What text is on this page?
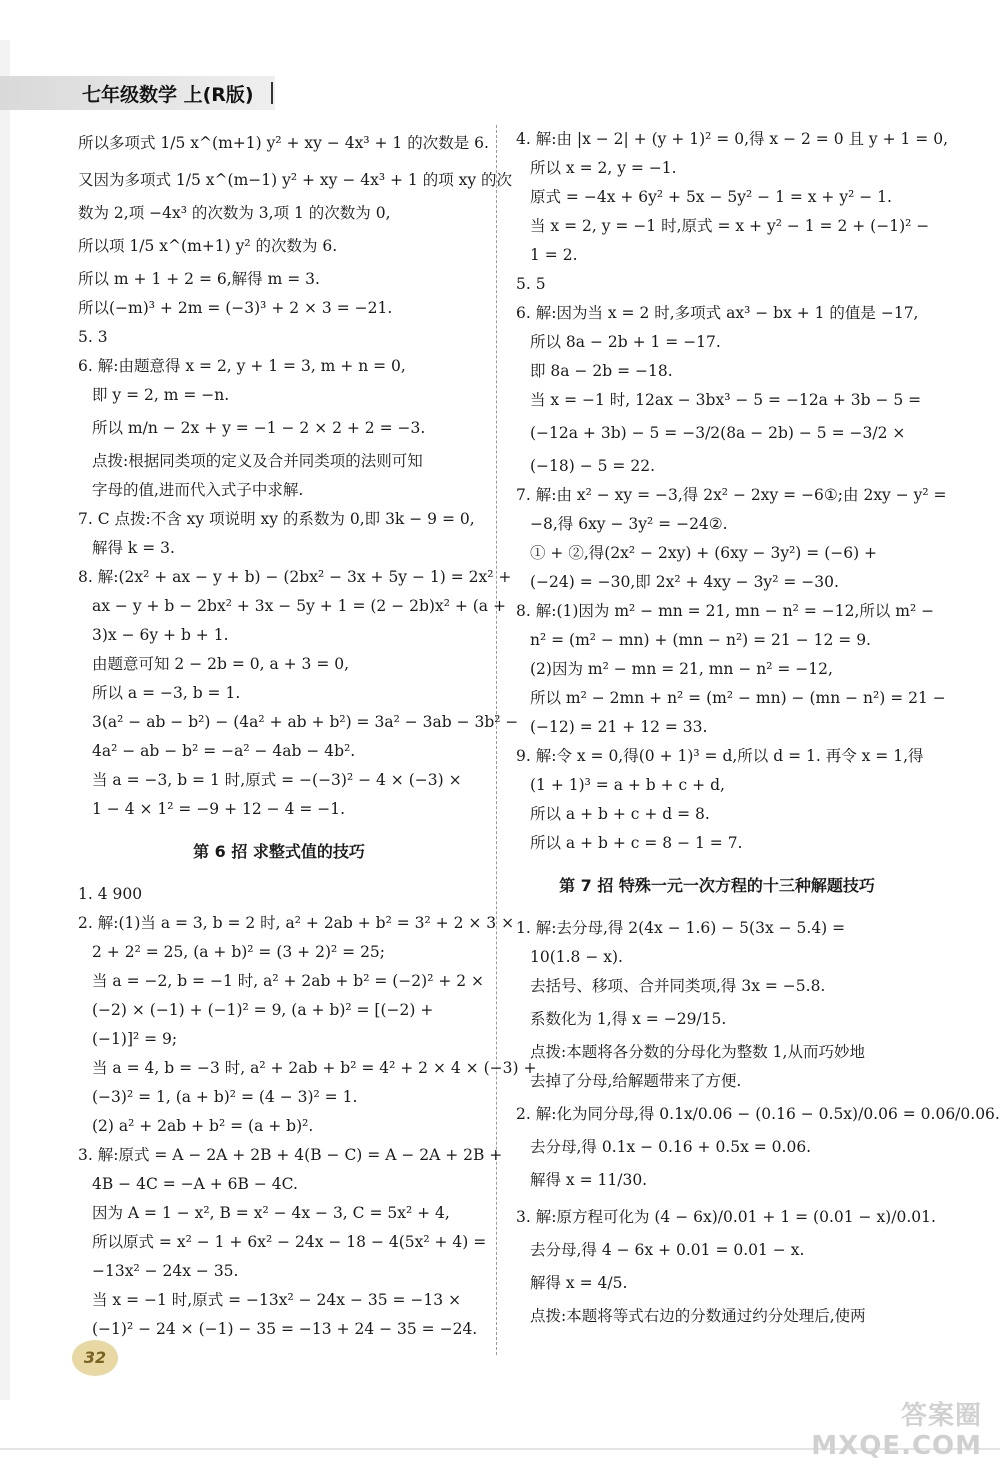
七年级数学 上(R版)
所以多项式 1/5 x^(m+1) y² + xy − 4x³ + 1 的次数是 6.
又因为多项式 1/5 x^(m−1) y² + xy − 4x³ + 1 的项 xy 的次
数为 2,项 −4x³ 的次数为 3,项 1 的次数为 0,
所以项 1/5 x^(m+1) y² 的次数为 6.
所以 m + 1 + 2 = 6,解得 m = 3.
所以(−m)³ + 2m = (−3)³ + 2 × 3 = −21.
5. 3
6. 解:由题意得 x = 2, y + 1 = 3, m + n = 0,
即 y = 2, m = −n.
所以 m/n − 2x + y = −1 − 2 × 2 + 2 = −3.
点拨:根据同类项的定义及合并同类项的法则可知
字母的值,进而代入式子中求解.
7. C 点拨:不含 xy 项说明 xy 的系数为 0,即 3k − 9 = 0,
解得 k = 3.
8. 解:(2x² + ax − y + b) − (2bx² − 3x + 5y − 1) = 2x² +
ax − y + b − 2bx² + 3x − 5y + 1 = (2 − 2b)x² + (a +
3)x − 6y + b + 1.
由题意可知 2 − 2b = 0, a + 3 = 0,
所以 a = −3, b = 1.
3(a² − ab − b²) − (4a² + ab + b²) = 3a² − 3ab − 3b² −
4a² − ab − b² = −a² − 4ab − 4b².
当 a = −3, b = 1 时,原式 = −(−3)² − 4 × (−3) ×
1 − 4 × 1² = −9 + 12 − 4 = −1.
第 6 招 求整式值的技巧
1. 4 900
2. 解:(1)当 a = 3, b = 2 时, a² + 2ab + b² = 3² + 2 × 3 ×
2 + 2² = 25, (a + b)² = (3 + 2)² = 25;
当 a = −2, b = −1 时, a² + 2ab + b² = (−2)² + 2 ×
(−2) × (−1) + (−1)² = 9, (a + b)² = [(−2) +
(−1)]² = 9;
当 a = 4, b = −3 时, a² + 2ab + b² = 4² + 2 × 4 × (−3) +
(−3)² = 1, (a + b)² = (4 − 3)² = 1.
(2) a² + 2ab + b² = (a + b)².
3. 解:原式 = A − 2A + 2B + 4(B − C) = A − 2A + 2B +
4B − 4C = −A + 6B − 4C.
因为 A = 1 − x², B = x² − 4x − 3, C = 5x² + 4,
所以原式 = x² − 1 + 6x² − 24x − 18 − 4(5x² + 4) =
−13x² − 24x − 35.
当 x = −1 时,原式 = −13x² − 24x − 35 = −13 ×
(−1)² − 24 × (−1) − 35 = −13 + 24 − 35 = −24.
4. 解:由 |x − 2| + (y + 1)² = 0,得 x − 2 = 0 且 y + 1 = 0,
所以 x = 2, y = −1.
原式 = −4x + 6y² + 5x − 5y² − 1 = x + y² − 1.
当 x = 2, y = −1 时,原式 = x + y² − 1 = 2 + (−1)² −
1 = 2.
5. 5
6. 解:因为当 x = 2 时,多项式 ax³ − bx + 1 的值是 −17,
所以 8a − 2b + 1 = −17.
即 8a − 2b = −18.
当 x = −1 时, 12ax − 3bx³ − 5 = −12a + 3b − 5 =
(−12a + 3b) − 5 = −3/2(8a − 2b) − 5 = −3/2 ×
(−18) − 5 = 22.
7. 解:由 x² − xy = −3,得 2x² − 2xy = −6①;由 2xy − y² =
−8,得 6xy − 3y² = −24②.
① + ②,得(2x² − 2xy) + (6xy − 3y²) = (−6) +
(−24) = −30,即 2x² + 4xy − 3y² = −30.
8. 解:(1)因为 m² − mn = 21, mn − n² = −12,所以 m² −
n² = (m² − mn) + (mn − n²) = 21 − 12 = 9.
(2)因为 m² − mn = 21, mn − n² = −12,
所以 m² − 2mn + n² = (m² − mn) − (mn − n²) = 21 −
(−12) = 21 + 12 = 33.
9. 解:令 x = 0,得(0 + 1)³ = d,所以 d = 1. 再令 x = 1,得
(1 + 1)³ = a + b + c + d,
所以 a + b + c + d = 8.
所以 a + b + c = 8 − 1 = 7.
第 7 招 特殊一元一次方程的十三种解题技巧
1. 解:去分母,得 2(4x − 1.6) − 5(3x − 5.4) =
10(1.8 − x).
去括号、移项、合并同类项,得 3x = −5.8.
系数化为 1,得 x = −29/15.
点拨:本题将各分数的分母化为整数 1,从而巧妙地
去掉了分母,给解题带来了方便.
2. 解:化为同分母,得 0.1x/0.06 − (0.16 − 0.5x)/0.06 = 0.06/0.06.
去分母,得 0.1x − 0.16 + 0.5x = 0.06.
解得 x = 11/30.
3. 解:原方程可化为 (4 − 6x)/0.01 + 1 = (0.01 − x)/0.01.
去分母,得 4 − 6x + 0.01 = 0.01 − x.
解得 x = 4/5.
点拨:本题将等式右边的分数通过约分处理后,使两
32
答案圈
MXQE.COM
